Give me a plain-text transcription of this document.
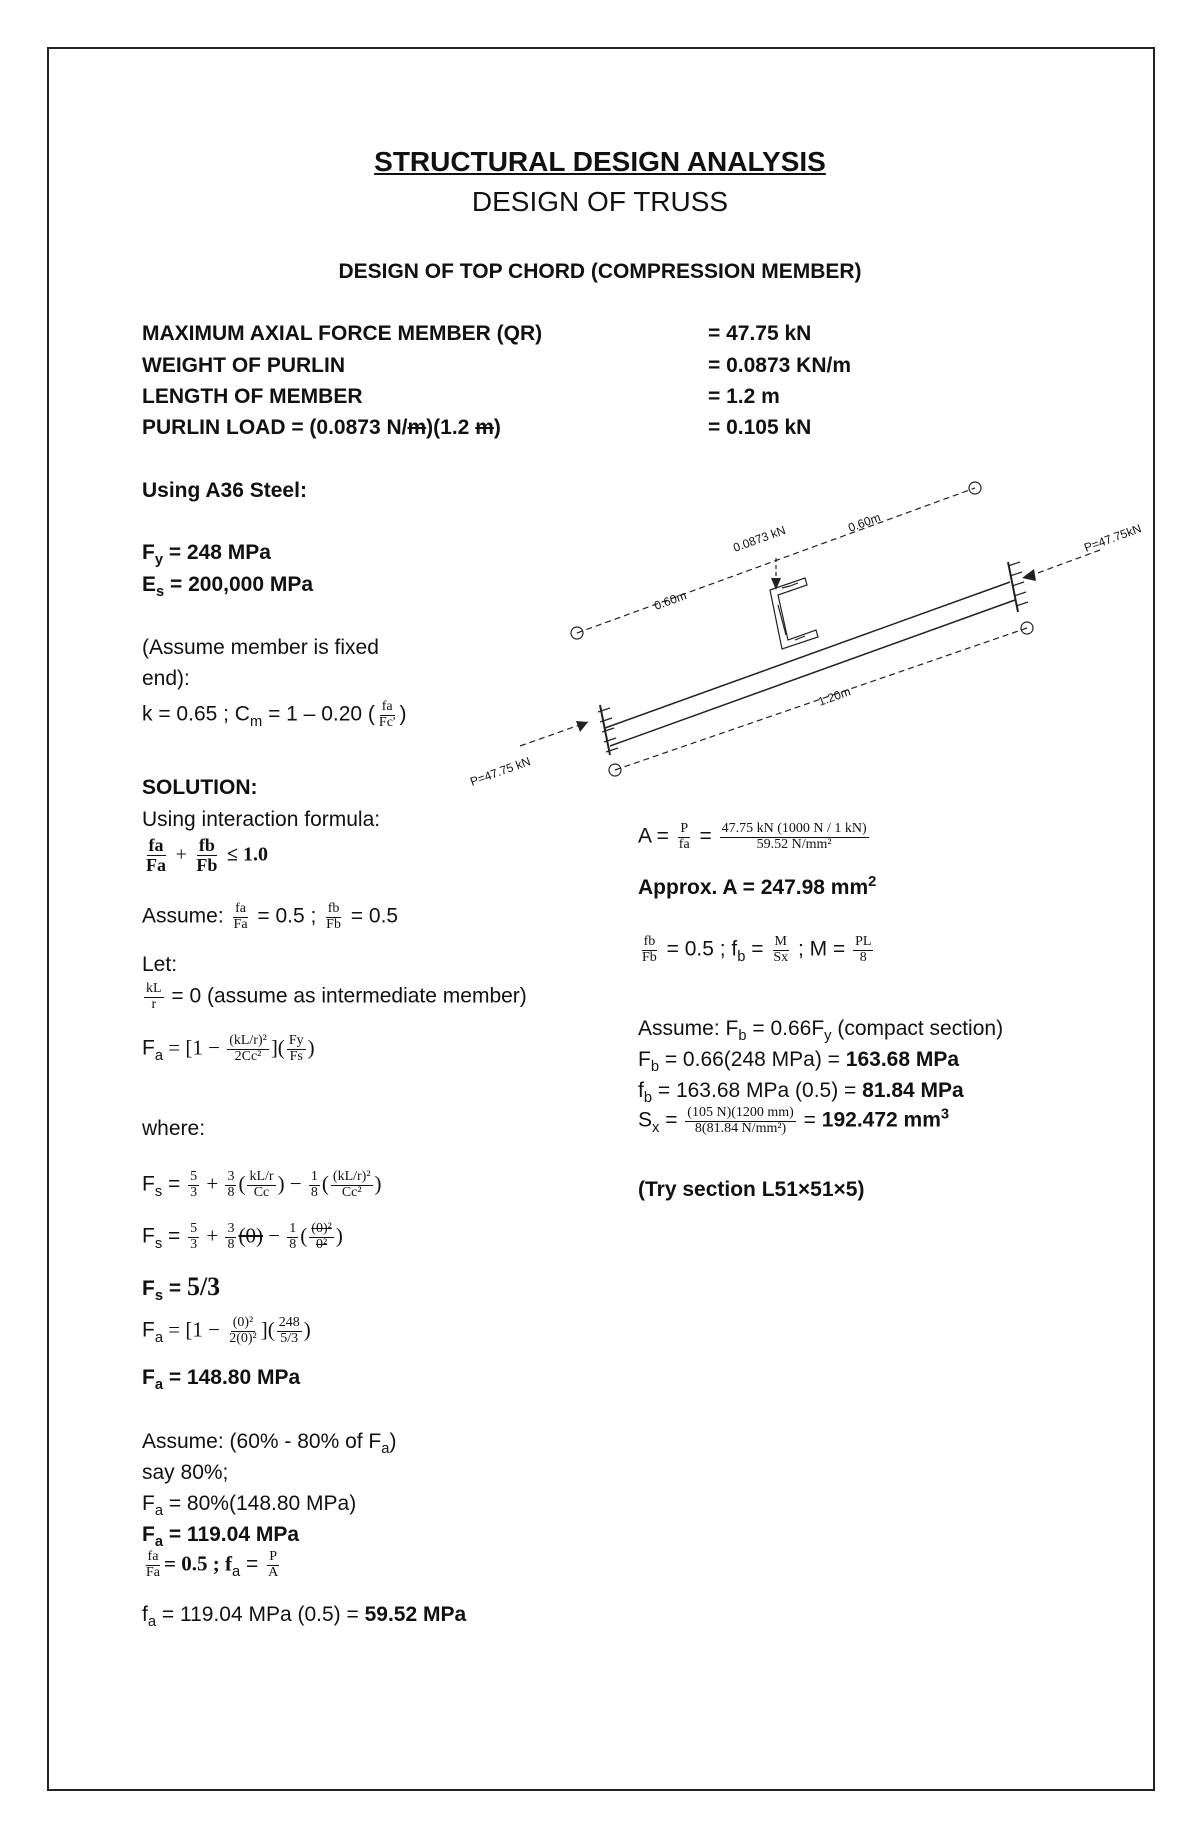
STRUCTURAL DESIGN ANALYSIS
DESIGN OF TRUSS
DESIGN OF TOP CHORD (COMPRESSION MEMBER)
MAXIMUM AXIAL FORCE MEMBER (QR)	= 47.75 kN
WEIGHT OF PURLIN	= 0.0873 KN/m
LENGTH OF MEMBER	= 1.2 m
PURLIN LOAD = (0.0873 N/m)(1.2 m)	= 0.105 kN
Using A36 Steel:
$F_y = 248$ MPa
$E_s = 200,000$ MPa
(Assume member is fixed
end):
k = 0.65 ; $C_m = 1 - 0.20$ ( $\frac{fa}{Fc'}$ )
SOLUTION:
Using interaction formula:
$\frac{fa}{Fa} + \frac{fb}{Fb} \le 1.0$
Assume: $\frac{fa}{Fa} = 0.5$ ; $\frac{fb}{Fb} = 0.5$
Let:
$\frac{kL}{r} = 0$ (assume as intermediate member)
$F_a = [1 - \frac{\text{(kL/r)²}}{\text{2Cc²}}$ ]( $\frac{Fy}{Fs}$ )
where:
$F_s = \frac{5}{3} + \frac{3}{8}$ ( $\frac{kL/r}{Cc}$ ) − $\frac{1}{8}$ ( $\frac{\text{(kL/r)²}}{\text{Cc²}}$ )
$F_s = \frac{5}{3} + \frac{3}{8} (0) - \frac{1}{8}$ ( $\frac{\text{(0)²}}{\text{0²}}$ )
$F_s = 5/3$
$F_a = [1 - \frac{\text{(0)²}}{\text{2(0)²}}$ ]( $\frac{248}{5/3}$ )
$F_a = 148.80$ MPa
Assume: (60% - 80% of $F_a$)
say 80%;
$F_a = 80\%(148.80$ MPa)
$F_a = 119.04$ MPa
$\frac{fa}{Fa} = 0.5$ ; $f_a = \frac{P}{A}$
$f_a = 119.04$ MPa (0.5) = 59.52 MPa
$A = \frac{P}{fa} = \frac{47.75 kN (1000 N / 1 kN)}{\text{59.52 N/mm²}}$
Approx. A = 247.98 $mm^2$
$\frac{fb}{Fb} = 0.5$ ; $f_b = \frac{M}{Sx}$ ; $M = \frac{PL}{8}$
Assume: $F_b = 0.66F_y$ (compact section)
$F_b = 0.66(248$ MPa) = 163.68 MPa
$f_b = 163.68$ MPa (0.5) = 81.84 MPa
$S_x = \frac{(105 N)(1200 mm)}{\text{8(81.84 N/mm²)}} = 192.472$ $mm^3$
(Try section L51×51×5)
0.0873 kN
0.60m
0.60m
1.20m
P=47.75kN
P=47.75 kN
